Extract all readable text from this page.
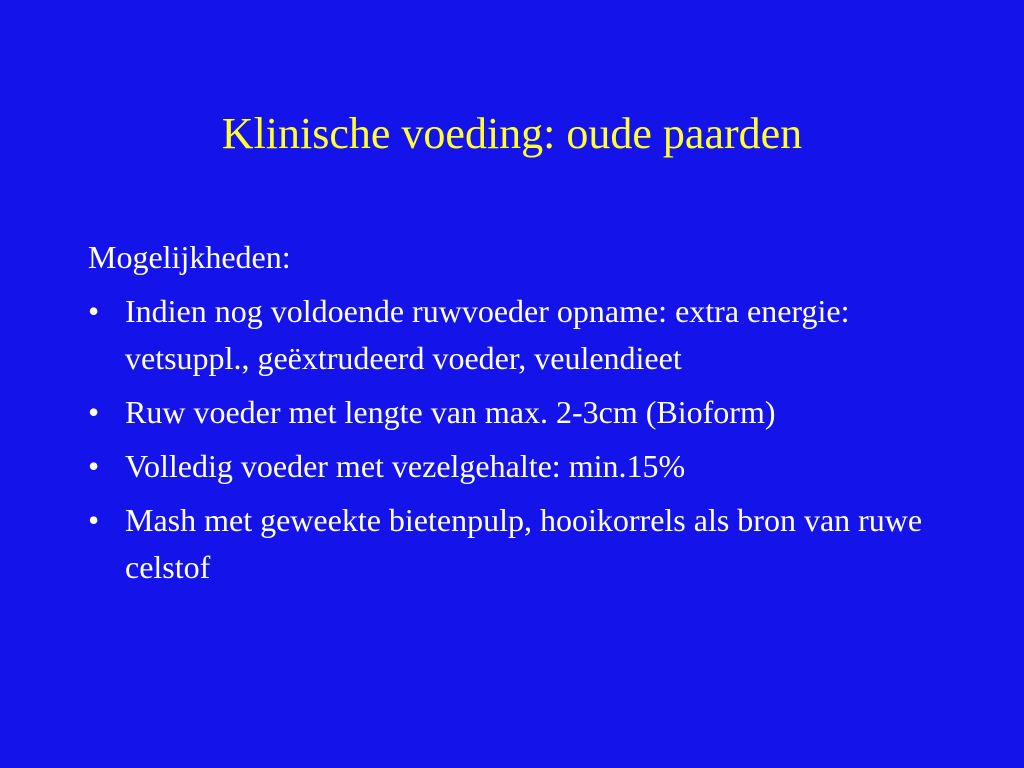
Klinische voeding: oude paarden
Mogelijkheden:
• Indien nog voldoende ruwvoeder opname: extra energie: vetsuppl., geëxtrudeerd voeder, veulendieet
• Ruw voeder met lengte van max. 2-3cm (Bioform)
• Volledig voeder met vezelgehalte: min.15%
• Mash met geweekte bietenpulp, hooikorrels als bron van ruwe celstof
